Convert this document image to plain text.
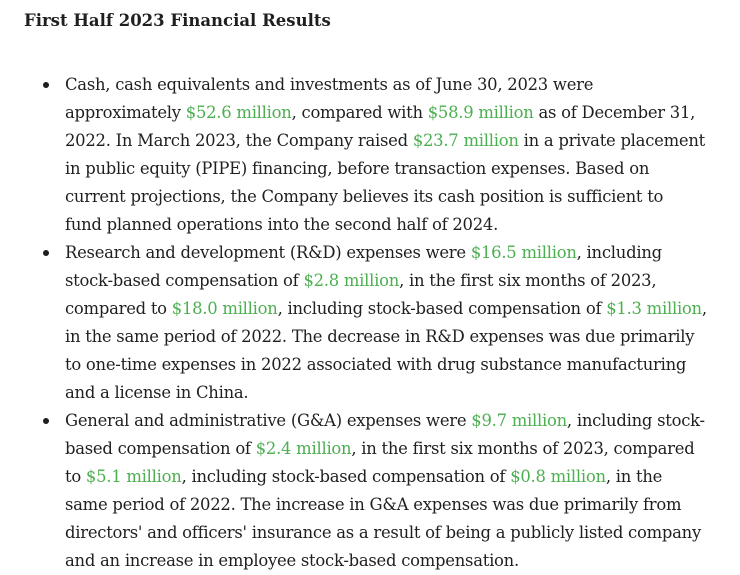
First Half 2023 Financial Results
Cash, cash equivalents and investments as of June 30, 2023 were
approximately $52.6 million, compared with $58.9 million as of December 31,
2022. In March 2023, the Company raised $23.7 million in a private placement
in public equity (PIPE) financing, before transaction expenses. Based on
current projections, the Company believes its cash position is sufficient to
fund planned operations into the second half of 2024.
Research and development (R&D) expenses were $16.5 million, including
stock-based compensation of $2.8 million, in the first six months of 2023,
compared to $18.0 million, including stock-based compensation of $1.3 million,
in the same period of 2022. The decrease in R&D expenses was due primarily
to one-time expenses in 2022 associated with drug substance manufacturing
and a license in China.
General and administrative (G&A) expenses were $9.7 million, including stock-
based compensation of $2.4 million, in the first six months of 2023, compared
to $5.1 million, including stock-based compensation of $0.8 million, in the
same period of 2022. The increase in G&A expenses was due primarily from
directors' and officers' insurance as a result of being a publicly listed company
and an increase in employee stock-based compensation.
